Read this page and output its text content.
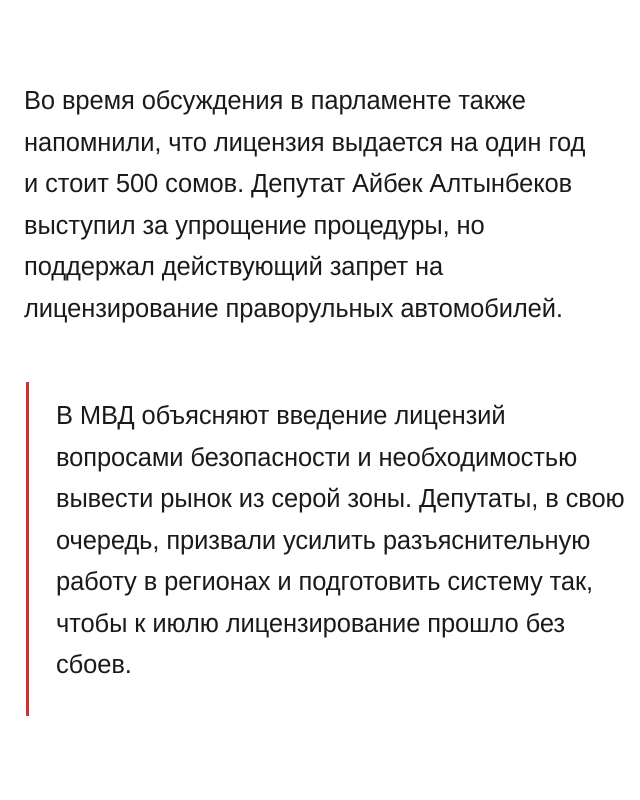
Во время обсуждения в парламенте также напомнили, что лицензия выдается на один год и стоит 500 сомов. Депутат Айбек Алтынбеков выступил за упрощение процедуры, но поддержал действующий запрет на лицензирование праворульных автомобилей.

В МВД объясняют введение лицензий вопросами безопасности и необходимостью вывести рынок из серой зоны. Депутаты, в свою очередь, призвали усилить разъяснительную работу в регионах и подготовить систему так, чтобы к июлю лицензирование прошло без сбоев.
